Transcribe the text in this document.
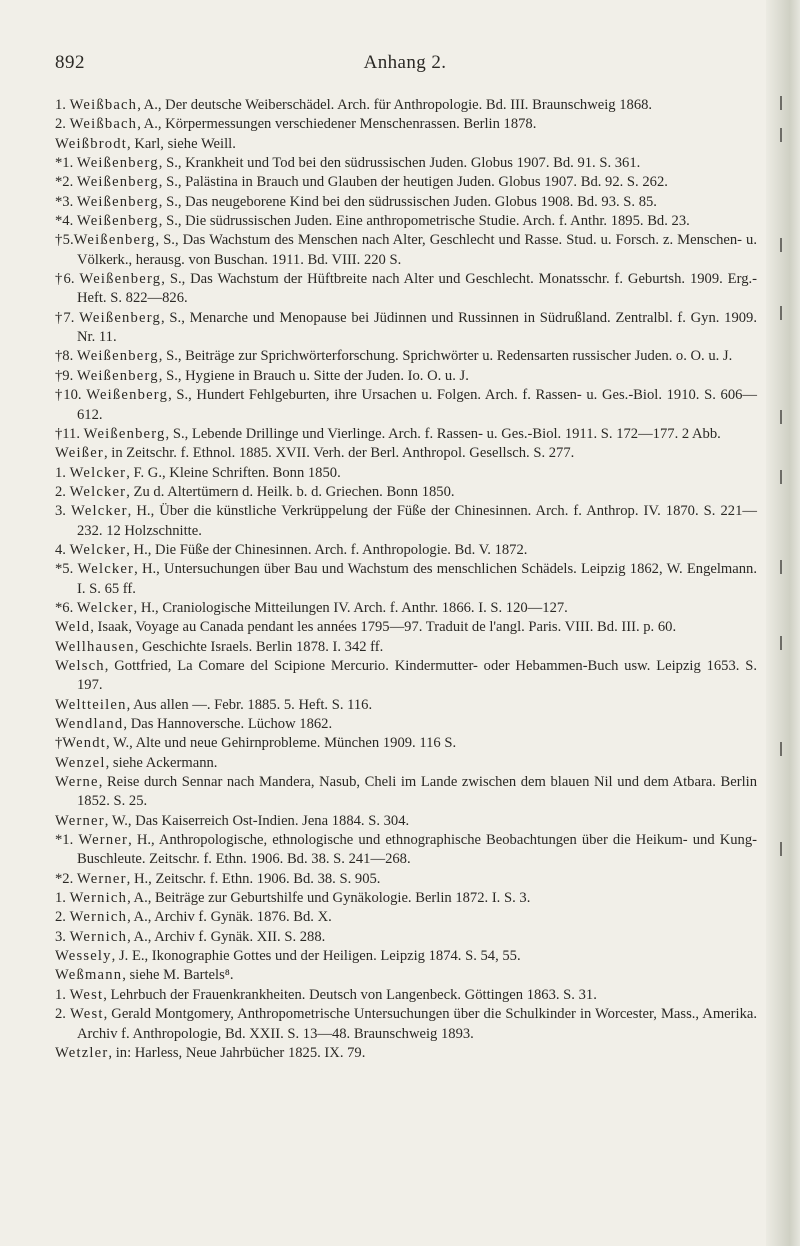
892	Anhang 2.
1. Weißbach, A., Der deutsche Weiberschädel. Arch. für Anthropologie. Bd. III. Braunschweig 1868.
2. Weißbach, A., Körpermessungen verschiedener Menschenrassen. Berlin 1878.
Weißbrodt, Karl, siehe Weill.
*1. Weißenberg, S., Krankheit und Tod bei den südrussischen Juden. Globus 1907. Bd. 91. S. 361.
*2. Weißenberg, S., Palästina in Brauch und Glauben der heutigen Juden. Globus 1907. Bd. 92. S. 262.
*3. Weißenberg, S., Das neugeborene Kind bei den südrussischen Juden. Globus 1908. Bd. 93. S. 85.
*4. Weißenberg, S., Die südrussischen Juden. Eine anthropometrische Studie. Arch. f. Anthr. 1895. Bd. 23.
†5.Weißenberg, S., Das Wachstum des Menschen nach Alter, Geschlecht und Rasse. Stud. u. Forsch. z. Menschen- u. Völkerk., herausg. von Buschan. 1911. Bd. VIII. 220 S.
†6. Weißenberg, S., Das Wachstum der Hüftbreite nach Alter und Geschlecht. Monatsschr. f. Geburtsh. 1909. Erg.-Heft. S. 822—826.
†7. Weißenberg, S., Menarche und Menopause bei Jüdinnen und Russinnen in Südrußland. Zentralbl. f. Gyn. 1909. Nr. 11.
†8. Weißenberg, S., Beiträge zur Sprichwörterforschung. Sprichwörter u. Redensarten russischer Juden. o. O. u. J.
†9. Weißenberg, S., Hygiene in Brauch u. Sitte der Juden. Io. O. u. J.
†10. Weißenberg, S., Hundert Fehlgeburten, ihre Ursachen u. Folgen. Arch. f. Rassen- u. Ges.-Biol. 1910. S. 606—612.
†11. Weißenberg, S., Lebende Drillinge und Vierlinge. Arch. f. Rassen- u. Ges.-Biol. 1911. S. 172—177. 2 Abb.
Weißer, in Zeitschr. f. Ethnol. 1885. XVII. Verh. der Berl. Anthropol. Gesellsch. S. 277.
1. Welcker, F. G., Kleine Schriften. Bonn 1850.
2. Welcker, Zu d. Altertümern d. Heilk. b. d. Griechen. Bonn 1850.
3. Welcker, H., Über die künstliche Verkrüppelung der Füße der Chinesinnen. Arch. f. Anthrop. IV. 1870. S. 221—232. 12 Holzschnitte.
4. Welcker, H., Die Füße der Chinesinnen. Arch. f. Anthropologie. Bd. V. 1872.
*5. Welcker, H., Untersuchungen über Bau und Wachstum des menschlichen Schädels. Leipzig 1862, W. Engelmann. I. S. 65 ff.
*6. Welcker, H., Craniologische Mitteilungen IV. Arch. f. Anthr. 1866. I. S. 120—127.
Weld, Isaak, Voyage au Canada pendant les années 1795—97. Traduit de l'angl. Paris. VIII. Bd. III. p. 60.
Wellhausen, Geschichte Israels. Berlin 1878. I. 342 ff.
Welsch, Gottfried, La Comare del Scipione Mercurio. Kindermutter- oder Hebammen-Buch usw. Leipzig 1653. S. 197.
Weltteilen, Aus allen —. Febr. 1885. 5. Heft. S. 116.
Wendland, Das Hannoversche. Lüchow 1862.
†Wendt, W., Alte und neue Gehirnprobleme. München 1909. 116 S.
Wenzel, siehe Ackermann.
Werne, Reise durch Sennar nach Mandera, Nasub, Cheli im Lande zwischen dem blauen Nil und dem Atbara. Berlin 1852. S. 25.
Werner, W., Das Kaiserreich Ost-Indien. Jena 1884. S. 304.
*1. Werner, H., Anthropologische, ethnologische und ethnographische Beobachtungen über die Heikum- und Kung-Buschleute. Zeitschr. f. Ethn. 1906. Bd. 38. S. 241—268.
*2. Werner, H., Zeitschr. f. Ethn. 1906. Bd. 38. S. 905.
1. Wernich, A., Beiträge zur Geburtshilfe und Gynäkologie. Berlin 1872. I. S. 3.
2. Wernich, A., Archiv f. Gynäk. 1876. Bd. X.
3. Wernich, A., Archiv f. Gynäk. XII. S. 288.
Wessely, J. E., Ikonographie Gottes und der Heiligen. Leipzig 1874. S. 54, 55.
Weßmann, siehe M. Bartels⁸.
1. West, Lehrbuch der Frauenkrankheiten. Deutsch von Langenbeck. Göttingen 1863. S. 31.
2. West, Gerald Montgomery, Anthropometrische Untersuchungen über die Schulkinder in Worcester, Mass., Amerika. Archiv f. Anthropologie, Bd. XXII. S. 13—48. Braunschweig 1893.
Wetzler, in: Harless, Neue Jahrbücher 1825. IX. 79.
